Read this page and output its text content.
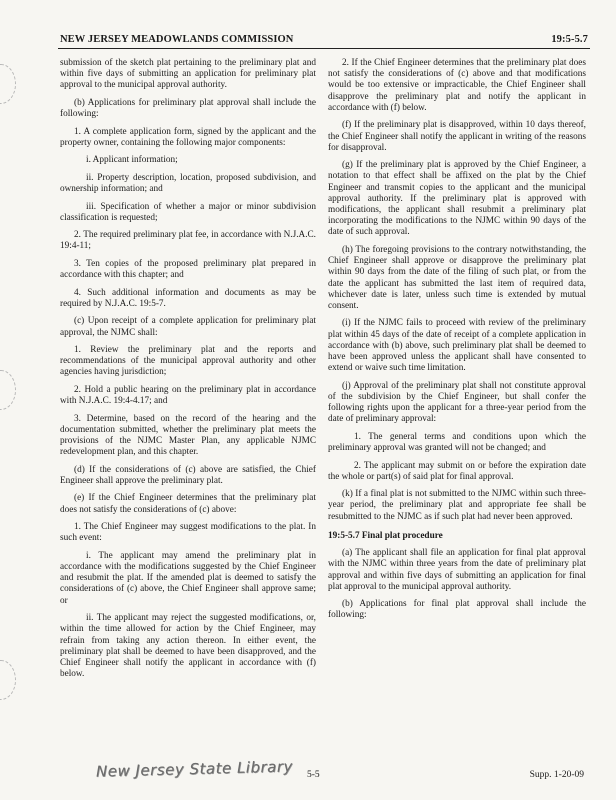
NEW JERSEY MEADOWLANDS COMMISSION	19:5-5.7

submission of the sketch plat pertaining to the preliminary plat and within five days of submitting an application for preliminary plat approval to the municipal approval authority.

(b) Applications for preliminary plat approval shall include the following:

1. A complete application form, signed by the applicant and the property owner, containing the following major components:

i. Applicant information;

ii. Property description, location, proposed subdivision, and ownership information; and

iii. Specification of whether a major or minor subdivision classification is requested;

2. The required preliminary plat fee, in accordance with N.J.A.C. 19:4-11;

3. Ten copies of the proposed preliminary plat prepared in accordance with this chapter; and

4. Such additional information and documents as may be required by N.J.A.C. 19:5-7.

(c) Upon receipt of a complete application for preliminary plat approval, the NJMC shall:

1. Review the preliminary plat and the reports and recommendations of the municipal approval authority and other agencies having jurisdiction;

2. Hold a public hearing on the preliminary plat in accordance with N.J.A.C. 19:4-4.17; and

3. Determine, based on the record of the hearing and the documentation submitted, whether the preliminary plat meets the provisions of the NJMC Master Plan, any applicable NJMC redevelopment plan, and this chapter.

(d) If the considerations of (c) above are satisfied, the Chief Engineer shall approve the preliminary plat.

(e) If the Chief Engineer determines that the preliminary plat does not satisfy the considerations of (c) above:

1. The Chief Engineer may suggest modifications to the plat. In such event:

i. The applicant may amend the preliminary plat in accordance with the modifications suggested by the Chief Engineer and resubmit the plat. If the amended plat is deemed to satisfy the considerations of (c) above, the Chief Engineer shall approve same; or

ii. The applicant may reject the suggested modifications, or, within the time allowed for action by the Chief Engineer, may refrain from taking any action thereon. In either event, the preliminary plat shall be deemed to have been disapproved, and the Chief Engineer shall notify the applicant in accordance with (f) below.

2. If the Chief Engineer determines that the preliminary plat does not satisfy the considerations of (c) above and that modifications would be too extensive or impracticable, the Chief Engineer shall disapprove the preliminary plat and notify the applicant in accordance with (f) below.

(f) If the preliminary plat is disapproved, within 10 days thereof, the Chief Engineer shall notify the applicant in writing of the reasons for disapproval.

(g) If the preliminary plat is approved by the Chief Engineer, a notation to that effect shall be affixed on the plat by the Chief Engineer and transmit copies to the applicant and the municipal approval authority. If the preliminary plat is approved with modifications, the applicant shall resubmit a preliminary plat incorporating the modifications to the NJMC within 90 days of the date of such approval.

(h) The foregoing provisions to the contrary notwithstanding, the Chief Engineer shall approve or disapprove the preliminary plat within 90 days from the date of the filing of such plat, or from the date the applicant has submitted the last item of required data, whichever date is later, unless such time is extended by mutual consent.

(i) If the NJMC fails to proceed with review of the preliminary plat within 45 days of the date of receipt of a complete application in accordance with (b) above, such preliminary plat shall be deemed to have been approved unless the applicant shall have consented to extend or waive such time limitation.

(j) Approval of the preliminary plat shall not constitute approval of the subdivision by the Chief Engineer, but shall confer the following rights upon the applicant for a three-year period from the date of preliminary approval:

1. The general terms and conditions upon which the preliminary approval was granted will not be changed; and

2. The applicant may submit on or before the expiration date the whole or part(s) of said plat for final approval.

(k) If a final plat is not submitted to the NJMC within such three-year period, the preliminary plat and appropriate fee shall be resubmitted to the NJMC as if such plat had never been approved.

19:5-5.7 Final plat procedure

(a) The applicant shall file an application for final plat approval with the NJMC within three years from the date of preliminary plat approval and within five days of submitting an application for final plat approval to the municipal approval authority.

(b) Applications for final plat approval shall include the following:

New Jersey State Library 5-5	Supp. 1-20-09
